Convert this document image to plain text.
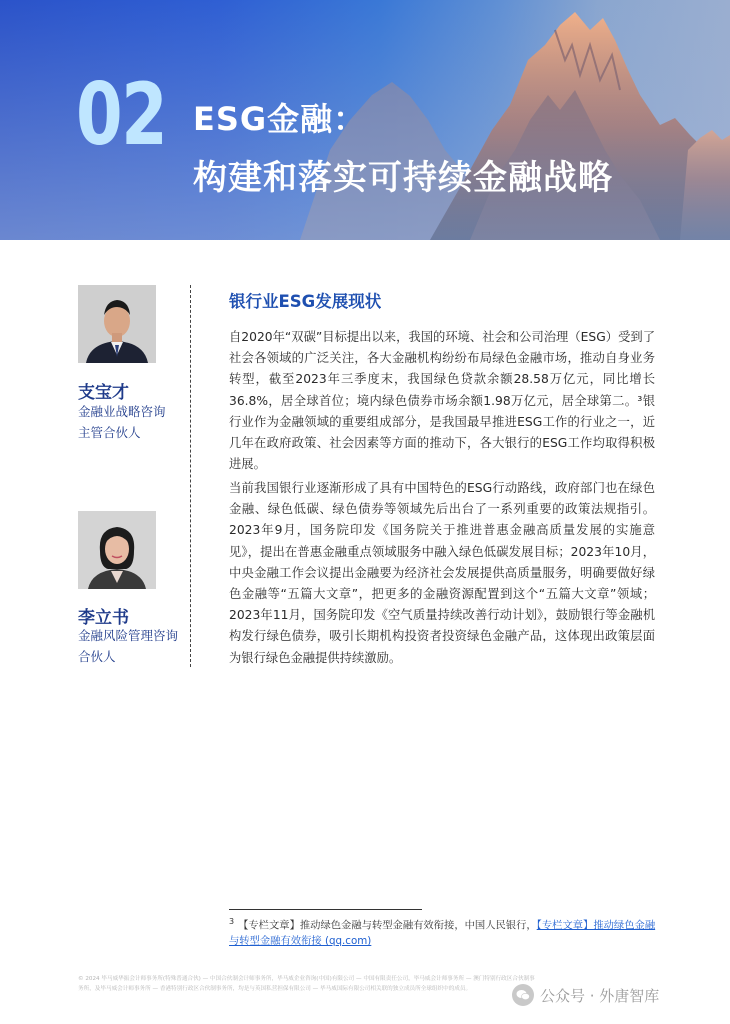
02 ESG金融：
构建和落实可持续金融战略
支宝才
金融业战略咨询
主管合伙人
李立书
金融风险管理咨询
合伙人
银行业ESG发展现状
自2020年“双碳”目标提出以来，我国的环境、社会和公司治理（ESG）受到了社会各领域的广泛关注，各大金融机构纷纷布局绿色金融市场，推动自身业务转型，截至2023年三季度末，我国绿色贷款余额28.58万亿元，同比增长36.8%，居全球首位；境内绿色债券市场余额1.98万亿元，居全球第二。³银行业作为金融领域的重要组成部分，是我国最早推进ESG工作的行业之一，近几年在政府政策、社会因素等方面的推动下，各大银行的ESG工作均取得积极进展。
当前我国银行业逐渐形成了具有中国特色的ESG行动路线，政府部门也在绿色金融、绿色低碳、绿色债券等领域先后出台了一系列重要的政策法规指引。2023年9月，国务院印发《国务院关于推进普惠金融高质量发展的实施意见》，提出在普惠金融重点领域服务中融入绿色低碳发展目标；2023年10月，中央金融工作会议提出金融要为经济社会发展提供高质量服务，明确要做好绿色金融等“五篇大文章”，把更多的金融资源配置到这个“五篇大文章”领域；2023年11月，国务院印发《空气质量持续改善行动计划》，鼓励银行等金融机构发行绿色债券，吸引长期机构投资者投资绿色金融产品，这体现出政策层面为银行绿色金融提供持续激励。
$^3$ 【专栏文章】推动绿色金融与转型金融有效衔接，中国人民银行，【专栏文章】推动绿色金融与转型金融有效衔接 (qq.com)
© 2024 毕马威华振会计师事务所(特殊普通合伙) — 中国合伙制会计师事务所，毕马威企业咨询(中国)有限公司 — 中国有限责任公司，毕马威会计师事务所 — 澳门特别行政区合伙制事务所，及毕马威会计师事务所 — 香港特别行政区合伙制事务所，均是与英国私营担保有限公司 — 毕马威国际有限公司相关联的独立成员所全球组织中的成员。	公众号 · 外唐智库
